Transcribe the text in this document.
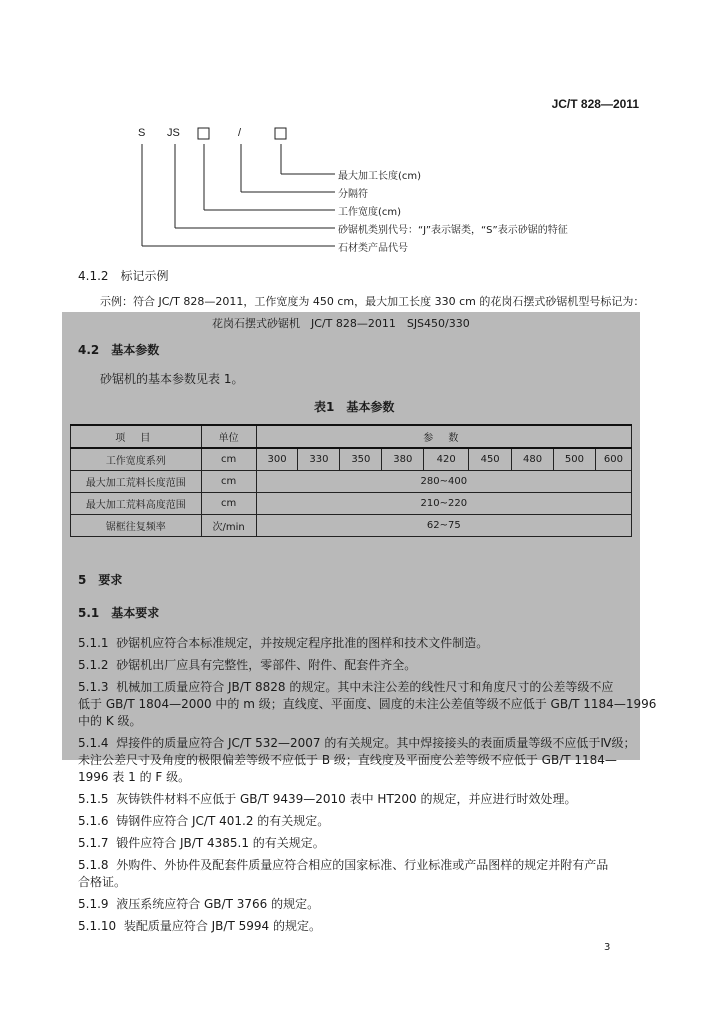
JC/T 828—2011
S JS	/
最大加工长度(cm)
分隔符
工作宽度(cm)
砂锯机类别代号：“J”表示锯类，“S”表示砂锯的特征
石材类产品代号
4.1.2　标记示例
示例：符合 JC/T 828—2011，工作宽度为 450 cm，最大加工长度 330 cm 的花岗石摆式砂锯机型号标记为：
花岗石摆式砂锯机　JC/T 828—2011　SJS450/330
4.2　基本参数
砂锯机的基本参数见表 1。
表1　基本参数
项 目	单位	参 数								
工作宽度系列	cm	300	330	350	380	420	450	480	500	600
最大加工荒料长度范围	cm	280~400								
最大加工荒料高度范围	cm	210~220								
锯框往复频率	次/min	62~75								
5　要求
5.1　基本要求
5.1.1 砂锯机应符合本标准规定，并按规定程序批准的图样和技术文件制造。
5.1.2 砂锯机出厂应具有完整性，零部件、附件、配套件齐全。
5.1.3 机械加工质量应符合 JB/T 8828 的规定。其中未注公差的线性尺寸和角度尺寸的公差等级不应
低于 GB/T 1804—2000 中的 m 级；直线度、平面度、圆度的未注公差值等级不应低于 GB/T 1184—1996
中的 K 级。
5.1.4 焊接件的质量应符合 JC/T 532—2007 的有关规定。其中焊接接头的表面质量等级不应低于Ⅳ级；
未注公差尺寸及角度的极限偏差等级不应低于 B 级；直线度及平面度公差等级不应低于 GB/T 1184—
1996 表 1 的 F 级。
5.1.5 灰铸铁件材料不应低于 GB/T 9439—2010 表中 HT200 的规定，并应进行时效处理。
5.1.6 铸钢件应符合 JC/T 401.2 的有关规定。
5.1.7 锻件应符合 JB/T 4385.1 的有关规定。
5.1.8 外购件、外协件及配套件质量应符合相应的国家标准、行业标准或产品图样的规定并附有产品
合格证。
5.1.9 液压系统应符合 GB/T 3766 的规定。
5.1.10 装配质量应符合 JB/T 5994 的规定。
3
